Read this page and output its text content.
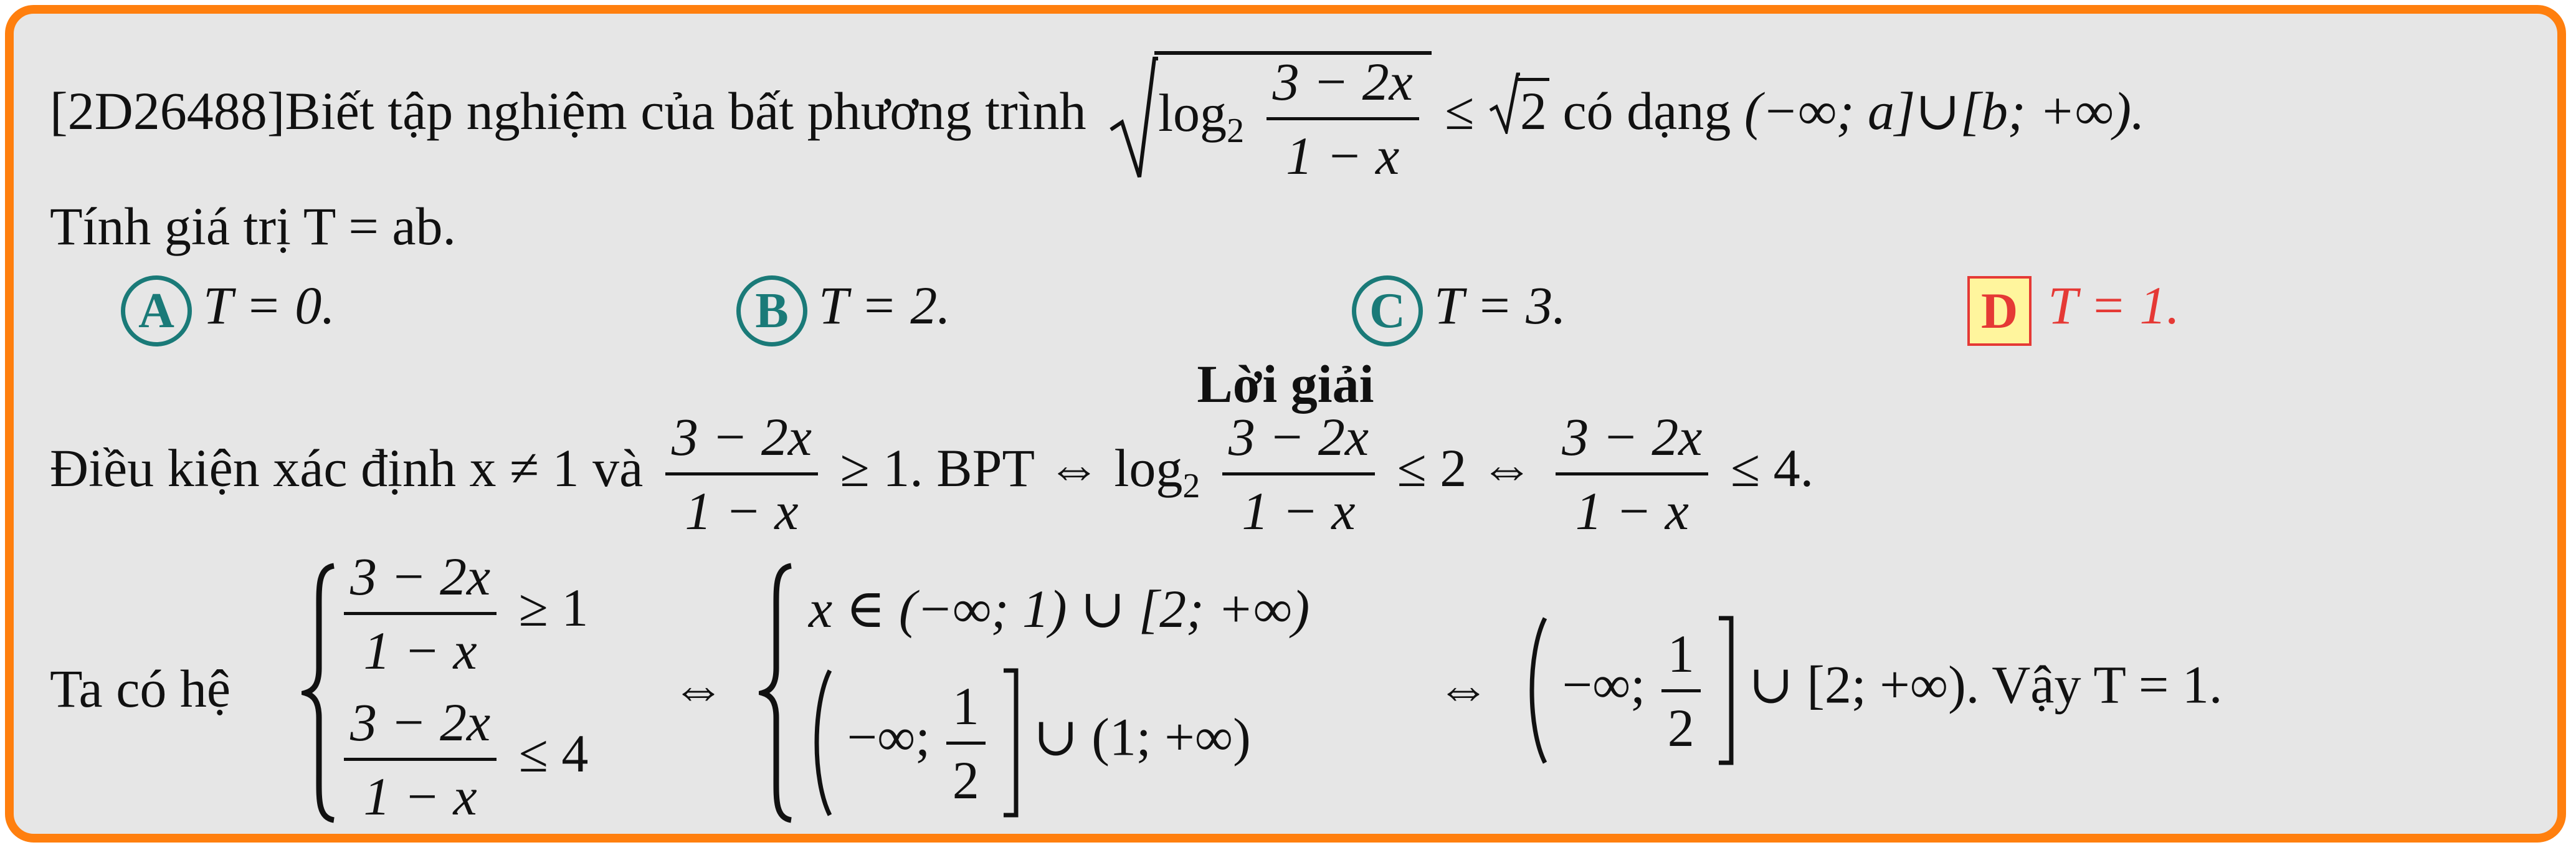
[2D26488]Biết tập nghiệm của bất phương trình $\log_2 \frac{3 - 2x}{1 - x} \le 2$ có dạng (−∞; a]∪[b; +∞).
Tính giá trị T = ab.
A T = 0.	B T = 2.	C T = 3.	D T = 1.
Lời giải
Điều kiện xác định x ≠ 1 và $\frac{3 - 2x}{1 - x} \ge 1$. BPT ⇔ $\log_2 \frac{3 - 2x}{1 - x} \le 2$ ⇔ $\frac{3 - 2x}{1 - x} \le 4$.
Ta có hệ
$\frac{3 - 2x}{1 - x} \ge 1$
$\frac{3 - 2x}{1 - x} \le 4$
⇔
x ∈ (−∞; 1) ∪ [2; +∞)
−∞; $\frac{1}{2}$ ∪ (1; +∞)
⇔	−∞; $\frac{1}{2}$ ∪ [2; +∞). Vậy T = 1.
